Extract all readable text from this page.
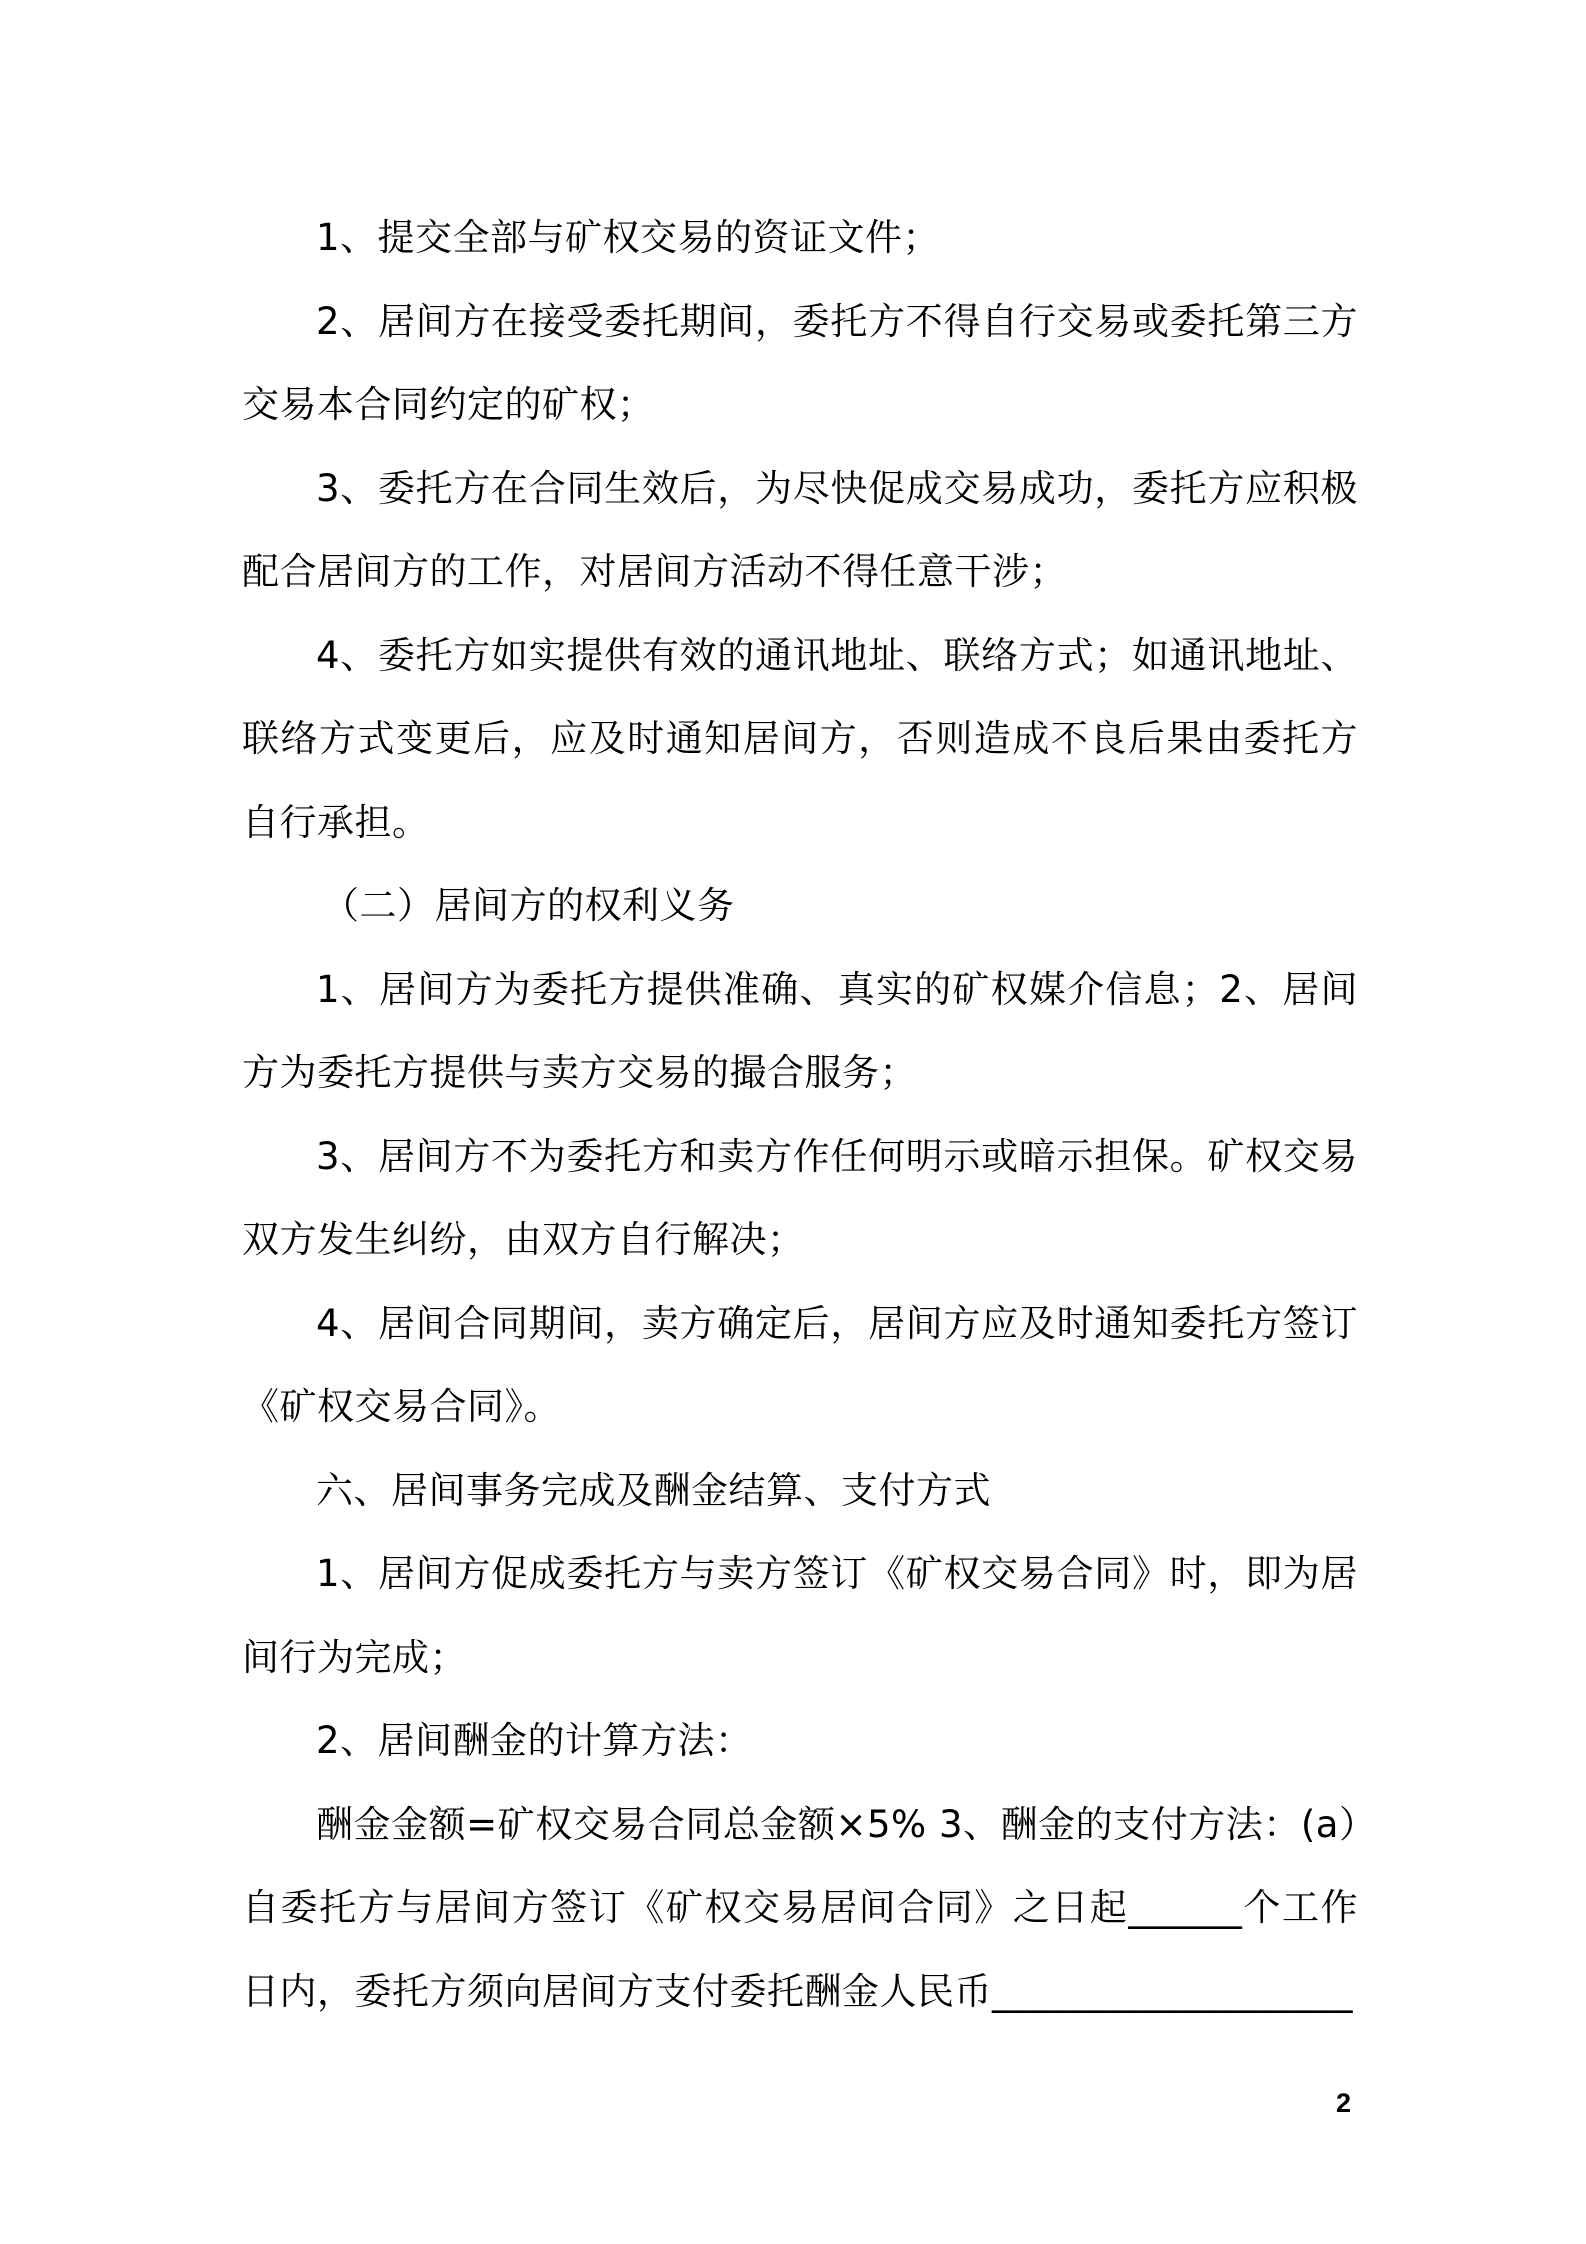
1、提交全部与矿权交易的资证文件；

2、居间方在接受委托期间，委托方不得自行交易或委托第三方交易本合同约定的矿权；

3、委托方在合同生效后，为尽快促成交易成功，委托方应积极配合居间方的工作，对居间方活动不得任意干涉；

4、委托方如实提供有效的通讯地址、联络方式；如通讯地址、联络方式变更后，应及时通知居间方，否则造成不良后果由委托方自行承担。

（二）居间方的权利义务

1、居间方为委托方提供准确、真实的矿权媒介信息；2、居间方为委托方提供与卖方交易的撮合服务；

3、居间方不为委托方和卖方作任何明示或暗示担保。矿权交易双方发生纠纷，由双方自行解决；

4、居间合同期间，卖方确定后，居间方应及时通知委托方签订《矿权交易合同》。

六、居间事务完成及酬金结算、支付方式

1、居间方促成委托方与卖方签订《矿权交易合同》时，即为居间行为完成；

2、居间酬金的计算方法：

酬金金额=矿权交易合同总金额×5% 3、酬金的支付方法：(a）自委托方与居间方签订《矿权交易居间合同》之日起______个工作日内，委托方须向居间方支付委托酬金人民币___________________

2
